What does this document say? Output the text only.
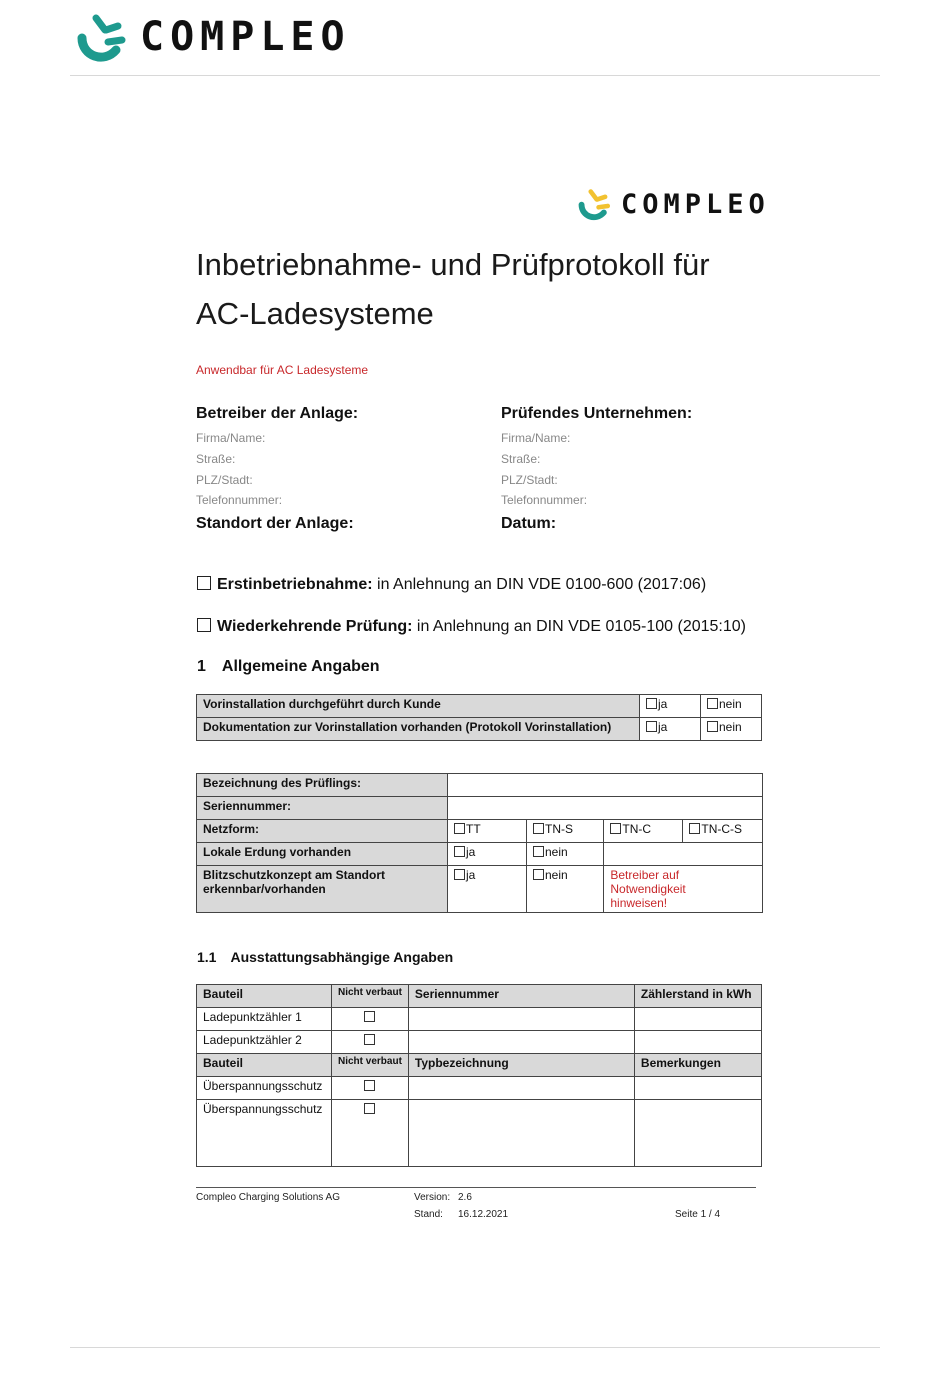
COMPLEO
COMPLEO
Inbetriebnahme- und Prüfprotokoll für
AC-Ladesysteme
Anwendbar für AC Ladesysteme
Betreiber der Anlage:
Firma/Name:
Straße:
PLZ/Stadt:
Telefonnummer:
Standort der Anlage:
Prüfendes Unternehmen:
Firma/Name:
Straße:
PLZ/Stadt:
Telefonnummer:
Datum:
Erstinbetriebnahme: in Anlehnung an DIN VDE 0100-600 (2017:06)
Wiederkehrende Prüfung: in Anlehnung an DIN VDE 0105-100 (2015:10)
1 Allgemeine Angaben
Vorinstallation durchgeführt durch Kunde	ja	nein
Dokumentation zur Vorinstallation vorhanden (Protokoll Vorinstallation)	ja	nein
Bezeichnung des Prüflings:				
Seriennummer:				
Netzform:	TT	TN-S	TN-C	TN-C-S
Lokale Erdung vorhanden	ja	nein		
Blitzschutzkonzept am Standort
erkennbar/vorhanden	ja	nein	Betreiber auf Notwendigkeit
hinweisen!	
1.1 Ausstattungsabhängige Angaben
Bauteil	Nicht verbaut	Seriennummer	Zählerstand in kWh
Ladepunktzähler 1			
Ladepunktzähler 2			
Bauteil	Nicht verbaut	Typbezeichnung	Bemerkungen
Überspannungsschutz			
Überspannungsschutz			
Compleo Charging Solutions AG	Version: 2.6
Stand: 16.12.2021	Seite 1 / 4
